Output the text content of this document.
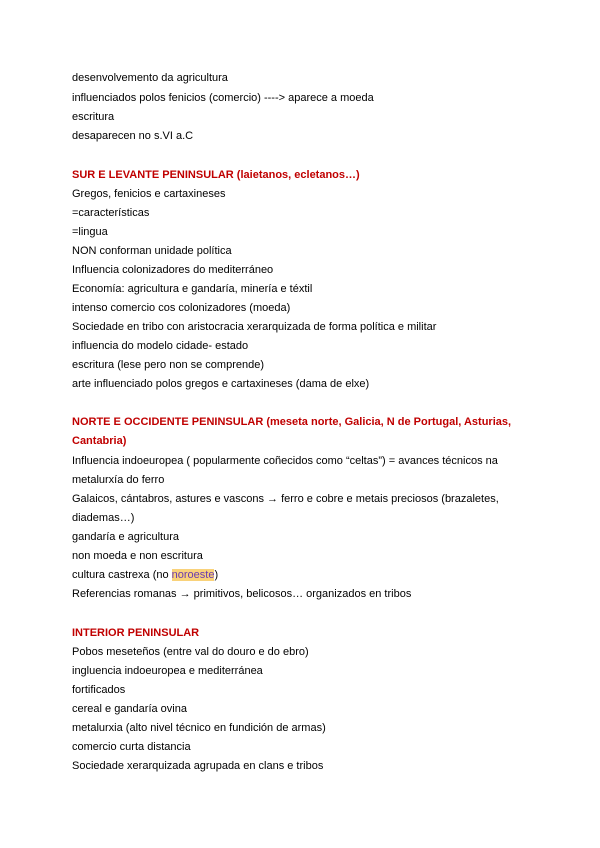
desenvolvemento da agricultura
influenciados polos fenicios (comercio) ----> aparece a moeda
escritura
desaparecen no s.VI a.C
SUR E LEVANTE PENINSULAR (laietanos, ecletanos…)
Gregos, fenicios e cartaxineses
=características
=lingua
NON conforman unidade política
Influencia colonizadores do mediterráneo
Economía: agricultura e gandaría, minería e téxtil
intenso comercio cos colonizadores (moeda)
Sociedade en tribo con aristocracia xerarquizada de forma política e militar
influencia do modelo cidade- estado
escritura (lese pero non se comprende)
arte influenciado polos gregos e cartaxineses (dama de elxe)
NORTE E OCCIDENTE PENINSULAR (meseta norte, Galicia, N de Portugal, Asturias,
Cantabria)
Influencia indoeuropea ( popularmente coñecidos como “celtas”) = avances técnicos na
metalurxía do ferro
Galaicos, cántabros, astures e vascons → ferro e cobre e metais preciosos (brazaletes,
diademas…)
gandaría e agricultura
non moeda e non escritura
cultura castrexa (no noroeste)
Referencias romanas → primitivos, belicosos… organizados en tribos
INTERIOR PENINSULAR
Pobos meseteños (entre val do douro e do ebro)
ingluencia indoeuropea e mediterránea
fortificados
cereal e gandaría ovina
metalurxia (alto nivel técnico en fundición de armas)
comercio curta distancia
Sociedade xerarquizada agrupada en clans e tribos
